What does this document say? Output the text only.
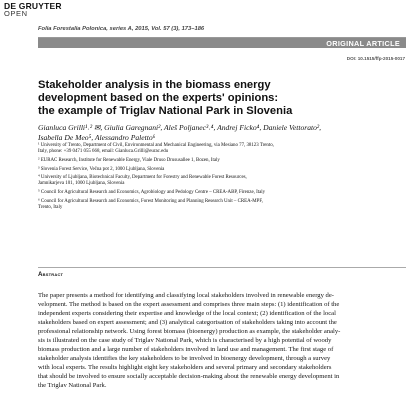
DE GRUYTER
OPEN
Folia Forestalia Polonica, series A, 2015, Vol. 57 (3), 173–186
ORIGINAL ARTICLE
DOI: 10.1515/ffp-2015-0017
Stakeholder analysis in the biomass energy
development based on the experts' opinions:
the example of Triglav National Park in Slovenia
Gianluca Grilli¹˒² ✉, Giulia Garegnani², Aleš Poljanec³˒⁴, Andrej Ficko⁴, Daniele Vettorato²,
Isabella De Meo⁵, Alessandro Paletto⁶
¹ University of Trento, Department of Civil, Environmental and Mechanical Engineering, via Mesiano 77, 38123 Trento,
Italy, phone: +39 0471 055 668, email: Gianluca.Grilli@eurac.edu
² EURAC Research, Institute for Renewable Energy, Viale Druso Drususallee 1, Bozen, Italy
³ Slovenia Forest Service, Večna pot 2, 1000 Ljubljana, Slovenia
⁴ University of Ljubljana, Biotechnical Faculty, Department for Forestry and Renewable Forest Resources,
Jamnikarjeva 101, 1000 Ljubljana, Slovenia
⁵ Council for Agricultural Research and Economics, Agrobiology and Pedology Centre – CREA-ABP, Firenze, Italy
⁶ Council for Agricultural Research and Economics, Forest Monitoring and Planning Research Unit – CREA-MPF,
Trento, Italy
Abstract
The paper presents a method for identifying and classifying local stakeholders involved in renewable energy de-
velopment. The method is based on the expert assessment and comprises three main steps: (1) identification of the
independent experts considering their expertise and knowledge of the local context; (2) identification of the local
stakeholders based on expert assessment; and (3) analytical categorisation of stakeholders taking into account the
professional relationship network. Using forest biomass (bioenergy) production as example, the stakeholder analy-
sis is illustrated on the case study of Triglav National Park, which is characterised by a high potential of woody
biomass production and a large number of stakeholders involved in land use and management. The first stage of
stakeholder analysis identifies the key stakeholders to be involved in bioenergy development, through a survey
with local experts. The results highlight eight key stakeholders and several primary and secondary stakeholders
that should be involved to ensure socially acceptable decision-making about the renewable energy development in
the Triglav National Park.
